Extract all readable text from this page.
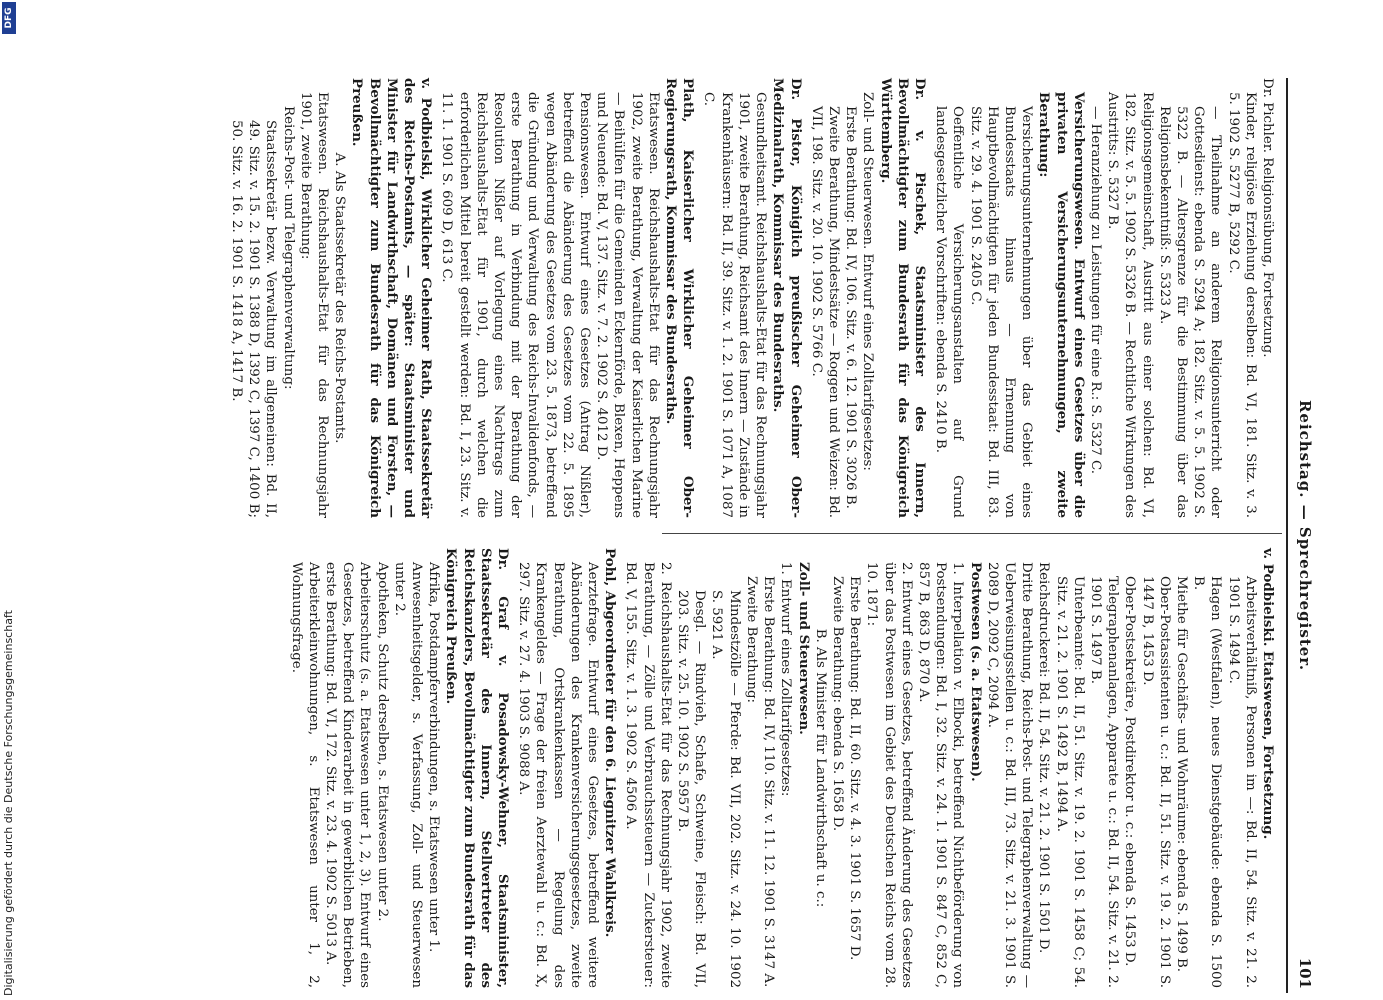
Reichstag. — Sprechregister.
101

Dr. Pichler. Religionsübung, Fortsetzung.

Kinder, religiöse Erziehung derselben: Bd. VI, 181. Sitz. v. 3. 5. 1902 S. 5277 B, 5292 C.

— Theilnahme an anderem Religionsunterricht oder Gottesdienst: ebenda S. 5294 A; 182. Sitz. v. 5. 5. 1902 S. 5322 B. — Altersgrenze für die Bestimmung über das Religionsbekenntniß: S. 5323 A.

Religionsgemeinschaft, Austritt aus einer solchen: Bd. VI, 182. Sitz. v. 5. 5. 1902 S. 5326 B. — Rechtliche Wirkungen des Austritts: S. 5327 B.

— Heranziehung zu Leistungen für eine R.: S. 5327 C.

Versicherungswesen. Entwurf eines Gesetzes über die privaten Versicherungsunternehmungen, zweite Berathung:

Versicherungsunternehmungen über das Gebiet eines Bundesstaats hinaus — Ernennung von Hauptbevollmächtigten für jeden Bundesstaat: Bd. III, 83. Sitz. v. 29. 4. 1901 S. 2405 C.

Oeffentliche Versicherungsanstalten auf Grund landesgesetzlicher Vorschriften: ebenda S. 2410 B.

Dr. v. Pischek, Staatsminister des Innern, Bevollmächtigter zum Bundesrath für das Königreich Württemberg.

Zoll- und Steuerwesen. Entwurf eines Zolltarifgesetzes:

Erste Berathung: Bd. IV, 106. Sitz. v. 6. 12. 1901 S. 3026 B.

Zweite Berathung, Mindestsätze — Roggen und Weizen: Bd. VII, 198. Sitz. v. 20. 10. 1902 S. 5766 C.

Dr. Pistor, Königlich preußischer Geheimer Ober-Medizinalrath, Kommissar des Bundesraths.

Gesundheitsamt. Reichshaushalts-Etat für das Rechnungsjahr 1901, zweite Berathung, Reichsamt des Innern — Zustände in Krankenhäusern: Bd. II, 39. Sitz. v. 1. 2. 1901 S. 1071 A, 1087 C.

Plath, Kaiserlicher Wirklicher Geheimer Ober-Regierungsrath, Kommissar des Bundesraths.

Etatswesen. Reichshaushalts-Etat für das Rechnungsjahr 1902, zweite Berathung, Verwaltung der Kaiserlichen Marine — Beihülfen für die Gemeinden Eckernförde, Blexen, Heppens und Neuende: Bd. V, 137. Sitz. v. 7. 2. 1902 S. 4012 D.

Pensionswesen. Entwurf eines Gesetzes (Antrag Nißler), betreffend die Abänderung des Gesetzes vom 22. 5. 1895 wegen Abänderung des Gesetzes vom 23. 5. 1873, betreffend die Gründung und Verwaltung des Reichs-Invalidenfonds, — erste Berathung in Verbindung mit der Berathung der Resolution Nißler auf Vorlegung eines Nachtrags zum Reichshaushalts-Etat für 1901, durch welchen die erforderlichen Mittel bereit gestellt werden: Bd. I, 23. Sitz. v. 11. 1. 1901 S. 609 D, 613 C.

v. Podbielski, Wirklicher Geheimer Rath, Staatssekretär des Reichs-Postamts, — später: Staatsminister und Minister für Landwirthschaft, Domänen und Forsten, — Bevollmächtigter zum Bundesrath für das Königreich Preußen.

A. Als Staatssekretär des Reichs-Postamts.

Etatswesen. Reichshaushalts-Etat für das Rechnungsjahr 1901, zweite Berathung:

Reichs-Post- und Telegraphenverwaltung:

Staatssekretär bezw. Verwaltung im allgemeinen: Bd. II, 49. Sitz. v. 15. 2. 1901 S. 1388 D, 1392 C, 1397 C, 1400 B; 50. Sitz. v. 16. 2. 1901 S. 1418 A, 1417 B.

v. Podbielski. Etatswesen, Fortsetzung.

Arbeitsverhältniß, Personen im —: Bd. II, 54. Sitz. v. 21. 2. 1901 S. 1494 C.

Hagen (Westfalen), neues Dienstgebäude: ebenda S. 1500 B.

Miethe für Geschäfts- und Wohnräume: ebenda S. 1499 B.

Ober-Postassistenten u. c.: Bd. II, 51. Sitz. v. 19. 2. 1901 S. 1447 B, 1453 D.

Ober-Postsekretäre, Postdirektor u. c.: ebenda S. 1453 D.

Telegraphenanlagen, Apparate u. c.: Bd. II, 54. Sitz. v. 21. 2. 1901 S. 1497 B.

Unterbeamte: Bd. II, 51. Sitz. v. 19. 2. 1901 S. 1458 C; 54. Sitz. v. 21. 2. 1901 S. 1492 B, 1494 A.

Reichsdruckerei: Bd. II, 54. Sitz. v. 21. 2. 1901 S. 1501 D.

Dritte Berathung, Reichs-Post- und Telegraphenverwaltung — Ueberweisungsstellen u. c.: Bd. III, 73. Sitz. v. 21. 3. 1901 S. 2089 D, 2092 C, 2094 A.

Postwesen (s. a. Etatswesen).

1. Interpellation v. Elbocki, betreffend Nichtbeförderung von Postsendungen: Bd. I, 32. Sitz. v. 24. 1. 1901 S. 847 C, 852 C, 857 B, 863 D, 870 A.

2. Entwurf eines Gesetzes, betreffend Änderung des Gesetzes über das Postwesen im Gebiet des Deutschen Reichs vom 28. 10. 1871:

Erste Berathung: Bd. II, 60. Sitz. v. 4. 3. 1901 S. 1657 D.

Zweite Berathung: ebenda S. 1658 D.

B. Als Minister für Landwirthschaft u. c.:

Zoll- und Steuerwesen.

1. Entwurf eines Zolltarifgesetzes:

Erste Berathung: Bd. IV, 110. Sitz. v. 11. 12. 1901 S. 3147 A.

Zweite Berathung:

Mindestzölle — Pferde: Bd. VII, 202. Sitz. v. 24. 10. 1902 S. 5921 A.

Desgl. — Rindvieh, Schafe, Schweine, Fleisch: Bd. VII, 203. Sitz. v. 25. 10. 1902 S. 5957 B.

2. Reichshaushalts-Etat für das Rechnungsjahr 1902, zweite Berathung, — Zölle und Verbrauchssteuern — Zuckersteuer: Bd. V, 155. Sitz. v. 1. 3. 1902 S. 4506 A.

Pohl, Abgeordneter für den 6. Liegnitzer Wahlkreis.

Aerztefrage. Entwurf eines Gesetzes, betreffend weitere Abänderungen des Krankenversicherungsgesetzes, zweite Berathung, Ortskrankenkassen — Regelung des Krankengeldes — Frage der freien Aerztewahl u. c.: Bd. X, 297. Sitz. v. 27. 4. 1903 S. 9088 A.

Dr. Graf v. Posadowsky-Wehner, Staatsminister, Staatssekretär des Innern, Stellvertreter des Reichskanzlers, Bevollmächtigter zum Bundesrath für das Königreich Preußen.

Afrika, Postdampferverbindungen, s. Etatswesen unter 1.

Anwesenheitsgelder, s. Verfassung, Zoll- und Steuerwesen unter 2.

Apotheken, Schutz derselben, s. Etatswesen unter 2.

Arbeiterschutz (s. a. Etatswesen unter 1, 2, 3). Entwurf eines Gesetzes, betreffend Kinderarbeit in gewerblichen Betrieben, erste Berathung: Bd. VI, 172. Sitz. v. 23. 4. 1902 S. 5013 A.

Arbeiterkleinwohnungen, s. Etatswesen unter 1, 2, Wohnungsfrage.

Digitalisierung gefördert durch die Deutsche Forschungsgemeinschaft
DFG
